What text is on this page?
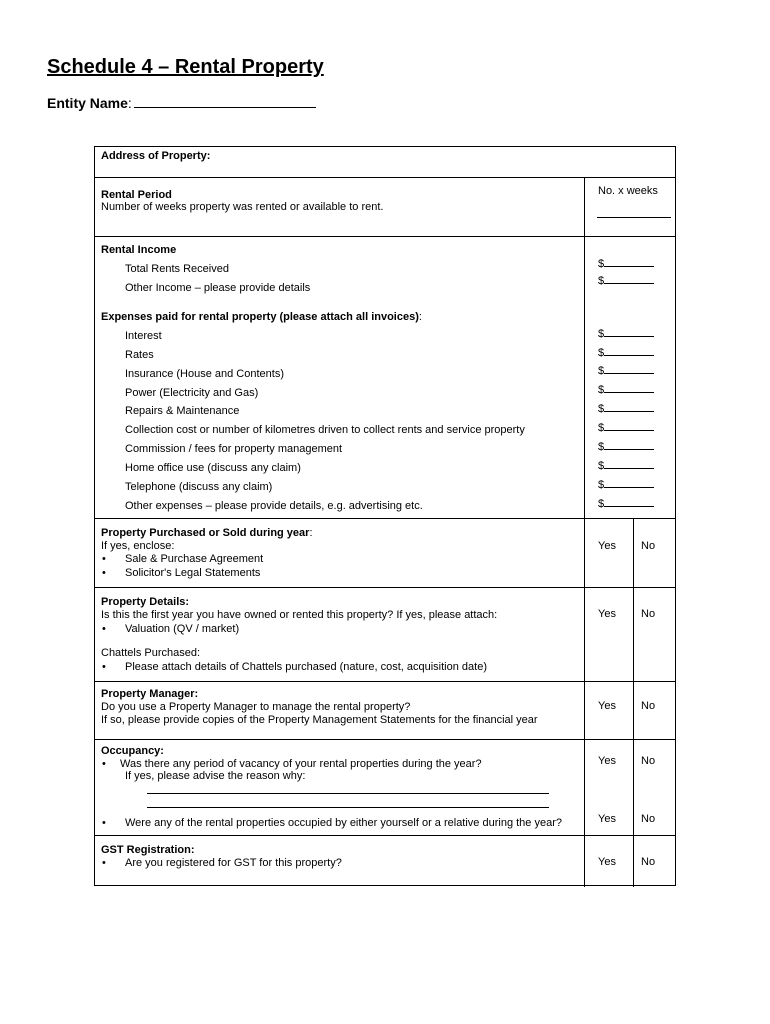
Schedule 4 – Rental Property
Entity Name:
Address of Property:
Rental Period
Number of weeks property was rented or available to rent.
No. x weeks
Rental Income
Total Rents Received
Other Income – please provide details
$
$
Expenses paid for rental property (please attach all invoices):
Interest
Rates
Insurance (House and Contents)
Power (Electricity and Gas)
Repairs & Maintenance
Collection cost or number of kilometres driven to collect rents and service property
Commission / fees for property management
Home office use (discuss any claim)
Telephone (discuss any claim)
Other expenses – please provide details, e.g. advertising etc.
$
$
$
$
$
$
$
$
$
$
Property Purchased or Sold during year:
If yes, enclose:
• Sale & Purchase Agreement
• Solicitor's Legal Statements
Yes No
Property Details:
Is this the first year you have owned or rented this property? If yes, please attach:
• Valuation (QV / market)
Chattels Purchased:
• Please attach details of Chattels purchased (nature, cost, acquisition date)
Yes No
Property Manager:
Do you use a Property Manager to manage the rental property?
If so, please provide copies of the Property Management Statements for the financial year
Yes No
Occupancy:
• Was there any period of vacancy of your rental properties during the year?
If yes, please advise the reason why:
Yes No
• Were any of the rental properties occupied by either yourself or a relative during the year?	Yes No
GST Registration:
• Are you registered for GST for this property?	Yes No
